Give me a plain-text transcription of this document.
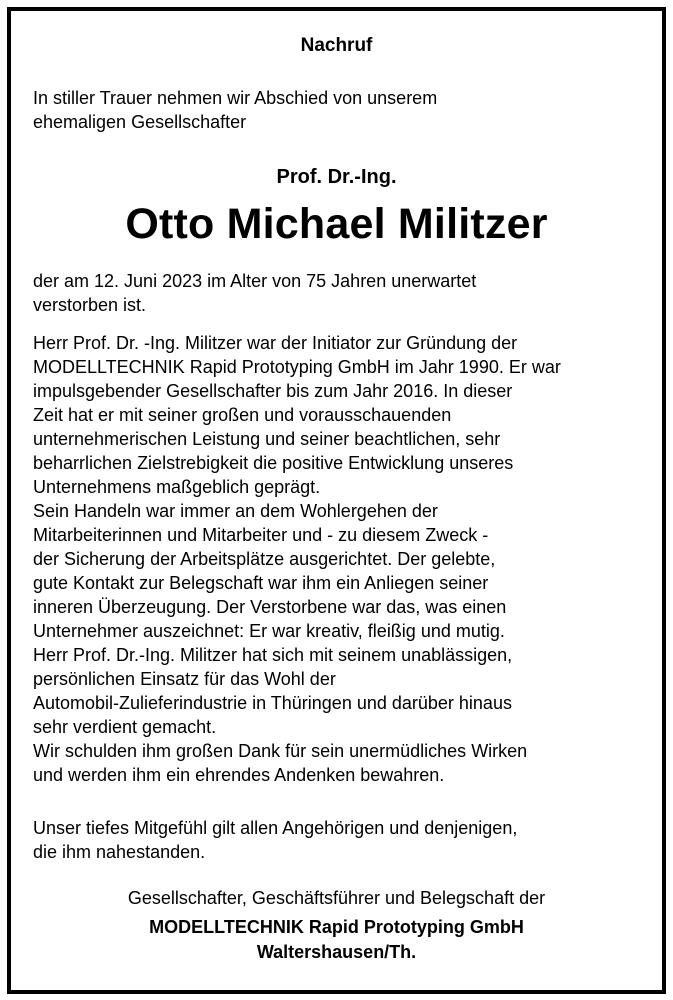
Nachruf
In stiller Trauer nehmen wir Abschied von unserem
ehemaligen Gesellschafter
Prof. Dr.-Ing.
Otto Michael Militzer
der am 12. Juni 2023 im Alter von 75 Jahren unerwartet
verstorben ist.
Herr Prof. Dr. -Ing. Militzer war der Initiator zur Gründung der
MODELLTECHNIK Rapid Prototyping GmbH im Jahr 1990. Er war
impulsgebender Gesellschafter bis zum Jahr 2016. In dieser
Zeit hat er mit seiner großen und vorausschauenden
unternehmerischen Leistung und seiner beachtlichen, sehr
beharrlichen Zielstrebigkeit die positive Entwicklung unseres
Unternehmens maßgeblich geprägt.
Sein Handeln war immer an dem Wohlergehen der
Mitarbeiterinnen und Mitarbeiter und - zu diesem Zweck -
der Sicherung der Arbeitsplätze ausgerichtet. Der gelebte,
gute Kontakt zur Belegschaft war ihm ein Anliegen seiner
inneren Überzeugung. Der Verstorbene war das, was einen
Unternehmer auszeichnet: Er war kreativ, fleißig und mutig.
Herr Prof. Dr.-Ing. Militzer hat sich mit seinem unablässigen,
persönlichen Einsatz für das Wohl der
Automobil-Zulieferindustrie in Thüringen und darüber hinaus
sehr verdient gemacht.
Wir schulden ihm großen Dank für sein unermüdliches Wirken
und werden ihm ein ehrendes Andenken bewahren.
Unser tiefes Mitgefühl gilt allen Angehörigen und denjenigen,
die ihm nahestanden.
Gesellschafter, Geschäftsführer und Belegschaft der
MODELLTECHNIK Rapid Prototyping GmbH
Waltershausen/Th.
